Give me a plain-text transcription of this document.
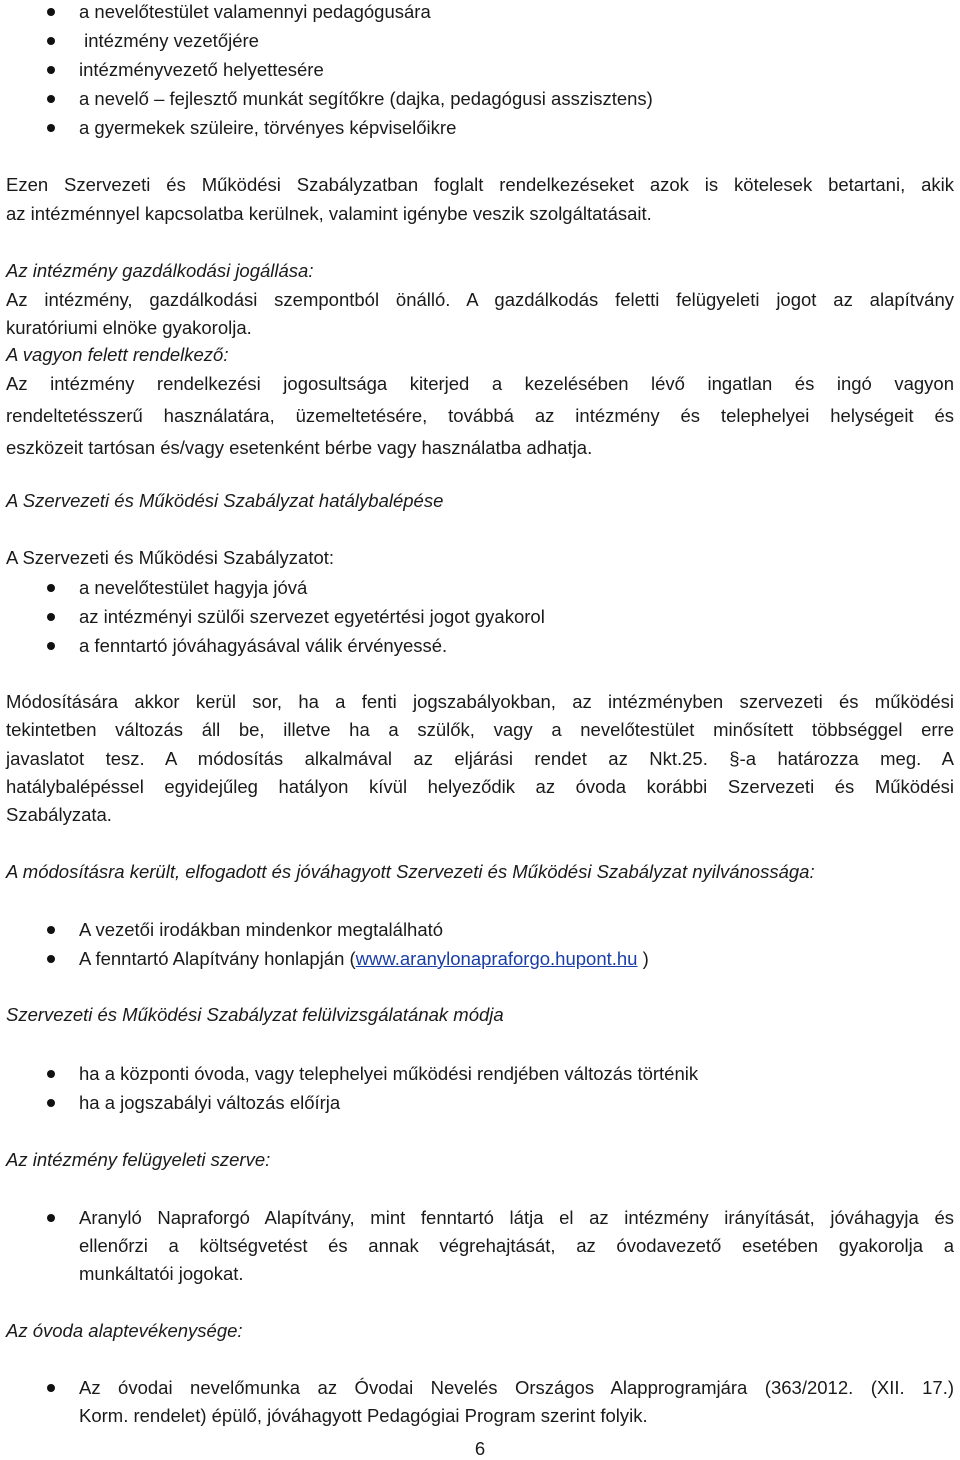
a nevelőtestület valamennyi pedagógusára
intézmény vezetőjére
intézményvezető helyettesére
a nevelő – fejlesztő munkát segítőkre (dajka, pedagógusi asszisztens)
a gyermekek szüleire, törvényes képviselőikre
Ezen Szervezeti és Működési Szabályzatban foglalt rendelkezéseket azok is kötelesek betartani, akik
az intézménnyel kapcsolatba kerülnek, valamint igénybe veszik szolgáltatásait.
Az intézmény gazdálkodási jogállása:
Az intézmény, gazdálkodási szempontból önálló. A gazdálkodás feletti felügyeleti jogot az alapítvány
kuratóriumi elnöke gyakorolja.
A vagyon felett rendelkező:
Az intézmény rendelkezési jogosultsága kiterjed a kezelésében lévő ingatlan és ingó vagyon
rendeltetésszerű használatára, üzemeltetésére, továbbá az intézmény és telephelyei helységeit és
eszközeit tartósan és/vagy esetenként bérbe vagy használatba adhatja.
A Szervezeti és Működési Szabályzat hatálybalépése
A Szervezeti és Működési Szabályzatot:
a nevelőtestület hagyja jóvá
az intézményi szülői szervezet egyetértési jogot gyakorol
a fenntartó jóváhagyásával válik érvényessé.
Módosítására akkor kerül sor, ha a fenti jogszabályokban, az intézményben szervezeti és működési
tekintetben változás áll be, illetve ha a szülők, vagy a nevelőtestület minősített többséggel erre
javaslatot tesz. A módosítás alkalmával az eljárási rendet az Nkt.25. §-a határozza meg. A
hatálybalépéssel egyidejűleg hatályon kívül helyeződik az óvoda korábbi Szervezeti és Működési
Szabályzata.
A módosításra került, elfogadott és jóváhagyott Szervezeti és Működési Szabályzat nyilvánossága:
A vezetői irodákban mindenkor megtalálható
A fenntartó Alapítvány honlapján (www.aranylonapraforgo.hupont.hu )
Szervezeti és Működési Szabályzat felülvizsgálatának módja
ha a központi óvoda, vagy telephelyei működési rendjében változás történik
ha a jogszabályi változás előírja
Az intézmény felügyeleti szerve:
Aranyló Napraforgó Alapítvány, mint fenntartó látja el az intézmény irányítását, jóváhagyja és
ellenőrzi a költségvetést és annak végrehajtását, az óvodavezető esetében gyakorolja a
munkáltatói jogokat.
Az óvoda alaptevékenysége:
Az óvodai nevelőmunka az Óvodai Nevelés Országos Alapprogramjára (363/2012. (XII. 17.)
Korm. rendelet) épülő, jóváhagyott Pedagógiai Program szerint folyik.
6
